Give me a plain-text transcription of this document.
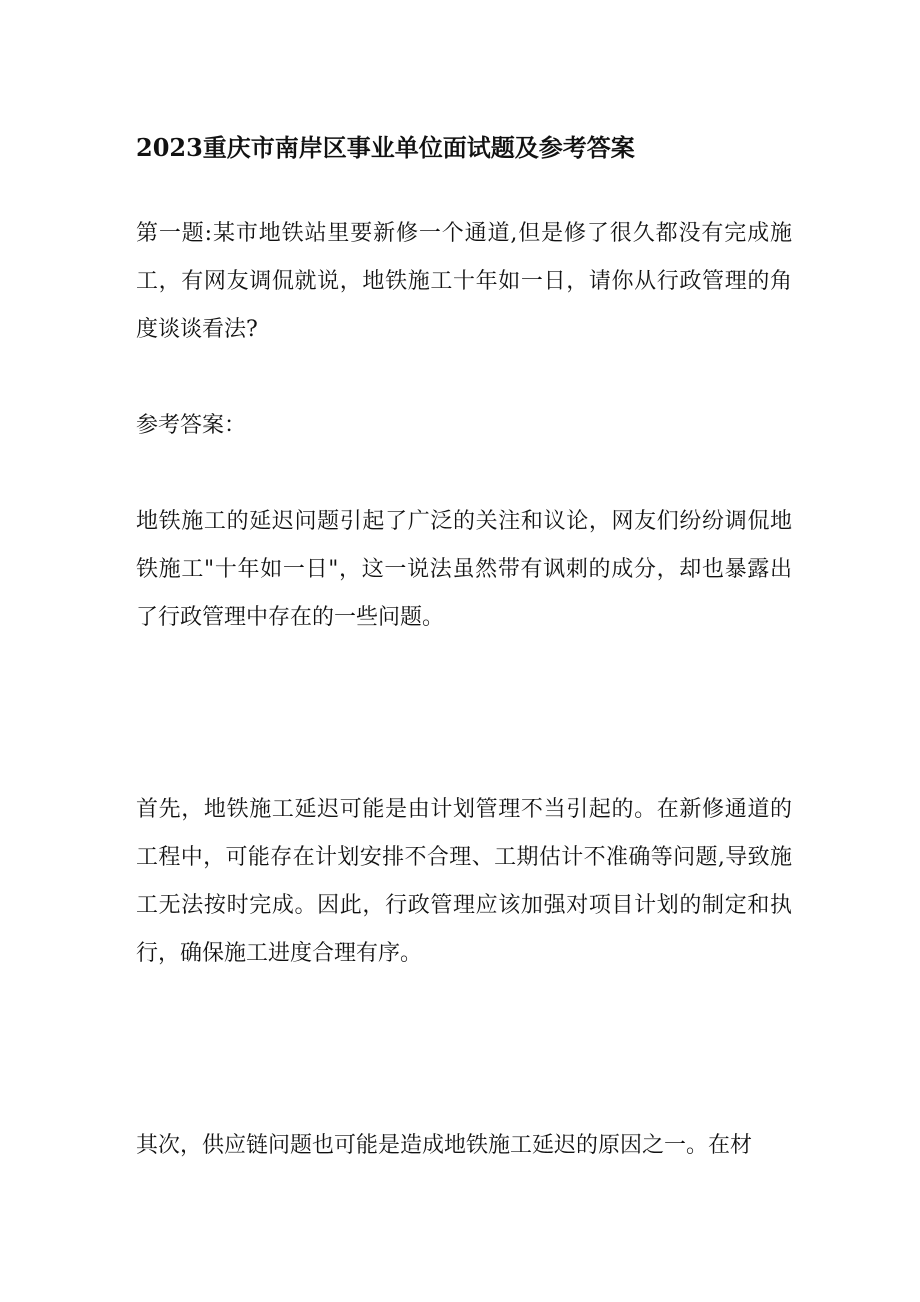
2023重庆市南岸区事业单位面试题及参考答案
第一题:某市地铁站里要新修一个通道,但是修了很久都没有完成施工，有网友调侃就说，地铁施工十年如一日，请你从行政管理的角度谈谈看法?
参考答案：
地铁施工的延迟问题引起了广泛的关注和议论，网友们纷纷调侃地铁施工"十年如一日"，这一说法虽然带有讽刺的成分，却也暴露出了行政管理中存在的一些问题。
首先，地铁施工延迟可能是由计划管理不当引起的。在新修通道的工程中，可能存在计划安排不合理、工期估计不准确等问题,导致施工无法按时完成。因此，行政管理应该加强对项目计划的制定和执行，确保施工进度合理有序。
其次，供应链问题也可能是造成地铁施工延迟的原因之一。在材
